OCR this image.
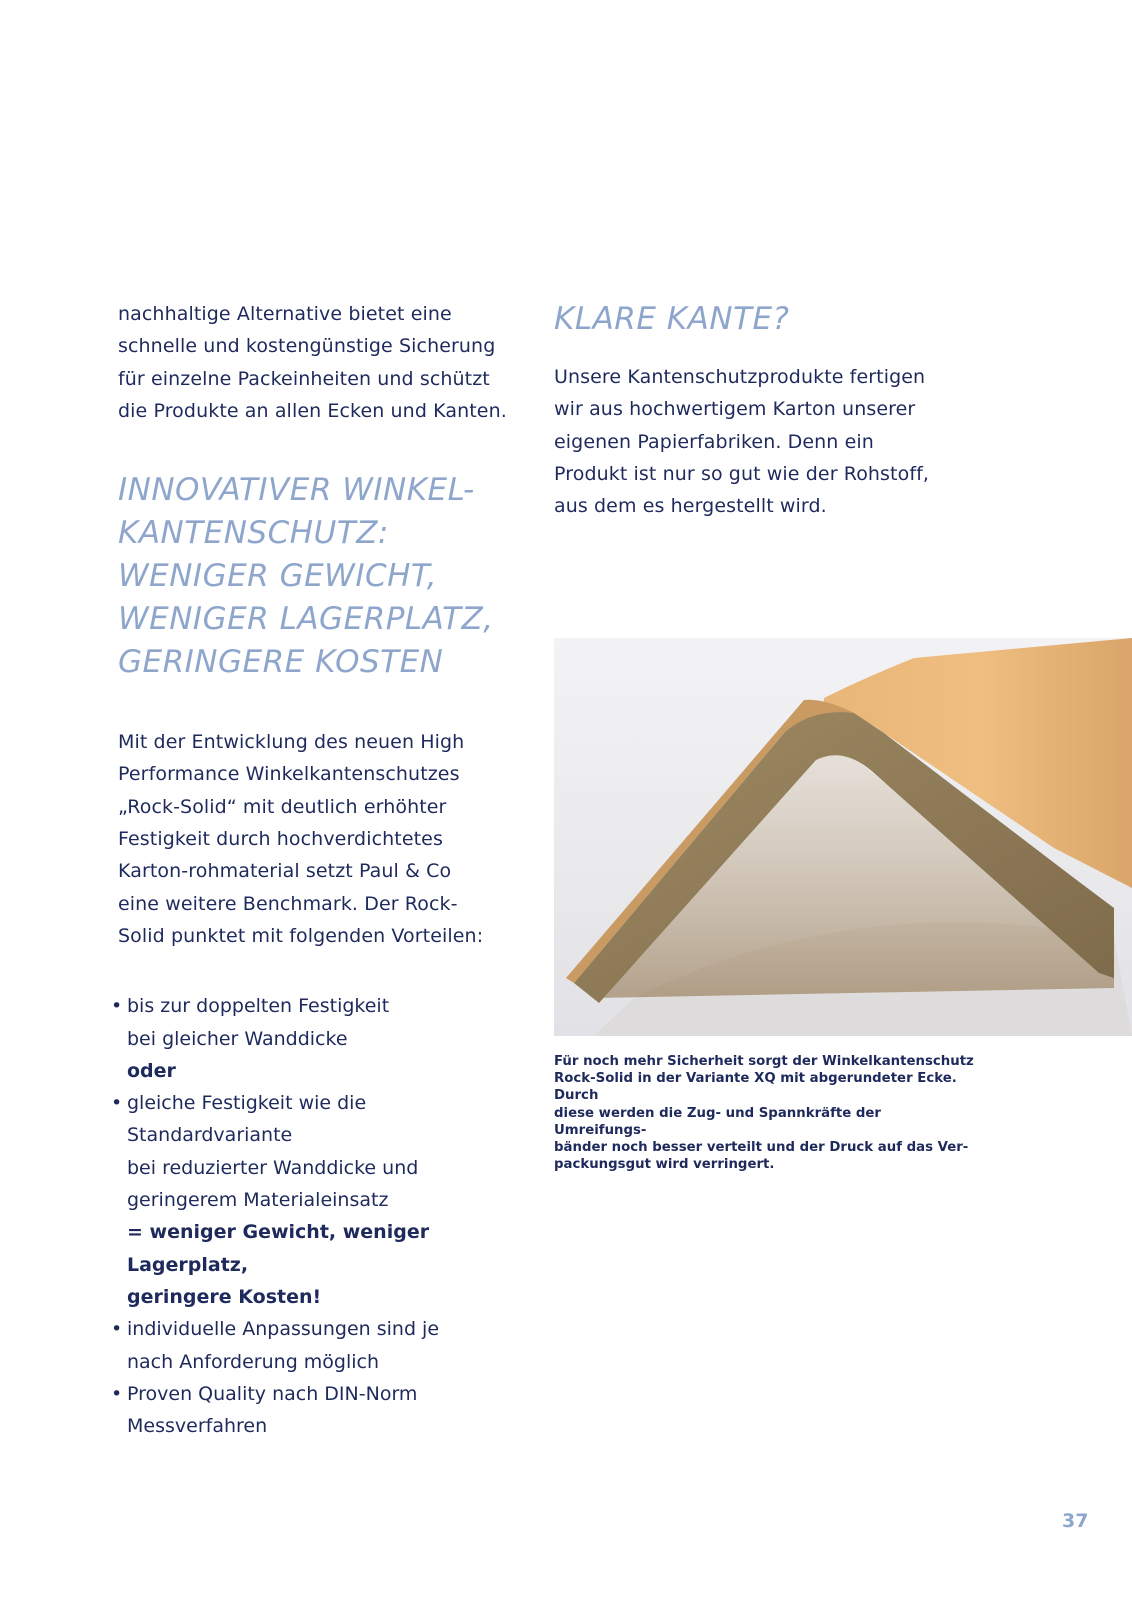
nachhaltige Alternative bietet eine schnelle und kostengünstige Sicherung für einzelne Packeinheiten und schützt die Produkte an allen Ecken und Kanten.

INNOVATIVER WINKEL-
KANTENSCHUTZ:
WENIGER GEWICHT,
WENIGER LAGERPLATZ,
GERINGERE KOSTEN

Mit der Entwicklung des neuen High Performance Winkelkantenschutzes „Rock-Solid“ mit deutlich erhöhter Festigkeit durch hochverdichtetes Karton-rohmaterial setzt Paul & Co eine weitere Benchmark. Der Rock-Solid punktet mit folgenden Vorteilen:

• bis zur doppelten Festigkeit
bei gleicher Wanddicke
oder
• gleiche Festigkeit wie die Standardvariante
bei reduzierter Wanddicke und
geringerem Materialeinsatz
= weniger Gewicht, weniger Lagerplatz,
geringere Kosten!
• individuelle Anpassungen sind je
nach Anforderung möglich
• Proven Quality nach DIN-Norm
Messverfahren
KLARE KANTE?

Unsere Kantenschutzprodukte fertigen wir aus hochwertigem Karton unserer eigenen Papierfabriken. Denn ein Produkt ist nur so gut wie der Rohstoff, aus dem es hergestellt wird.

Für noch mehr Sicherheit sorgt der Winkelkantenschutz
Rock-Solid in der Variante XQ mit abgerundeter Ecke. Durch
diese werden die Zug- und Spannkräfte der Umreifungs-
bänder noch besser verteilt und der Druck auf das Ver-
packungsgut wird verringert.
37
